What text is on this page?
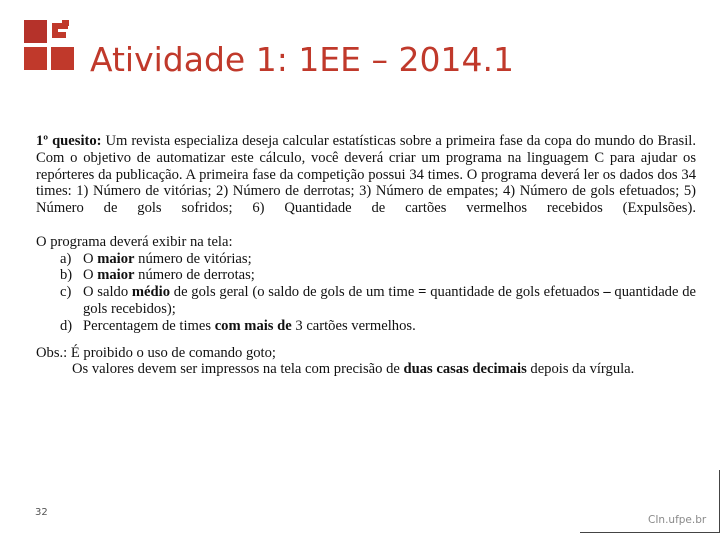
Atividade 1: 1EE – 2014.1

1º quesito: Um revista especializa deseja calcular estatísticas sobre a primeira fase da copa do mundo do Brasil. Com o objetivo de automatizar este cálculo, você deverá criar um programa na linguagem C para ajudar os repórteres da publicação. A primeira fase da competição possui 34 times. O programa deverá ler os dados dos 34 times: 1) Número de vitórias; 2) Número de derrotas; 3) Número de empates; 4) Número de gols efetuados; 5) Número de gols sofridos; 6) Quantidade de cartões vermelhos recebidos (Expulsões).

O programa deverá exibir na tela:

a) O maior número de vitórias;
b) O maior número de derrotas;
c) O saldo médio de gols geral (o saldo de gols de um time = quantidade de gols efetuados – quantidade de gols recebidos);
d) Percentagem de times com mais de 3 cartões vermelhos.

Obs.: É proibido o uso de comando goto;

Os valores devem ser impressos na tela com precisão de duas casas decimais depois da vírgula.

32
CIn.ufpe.br
